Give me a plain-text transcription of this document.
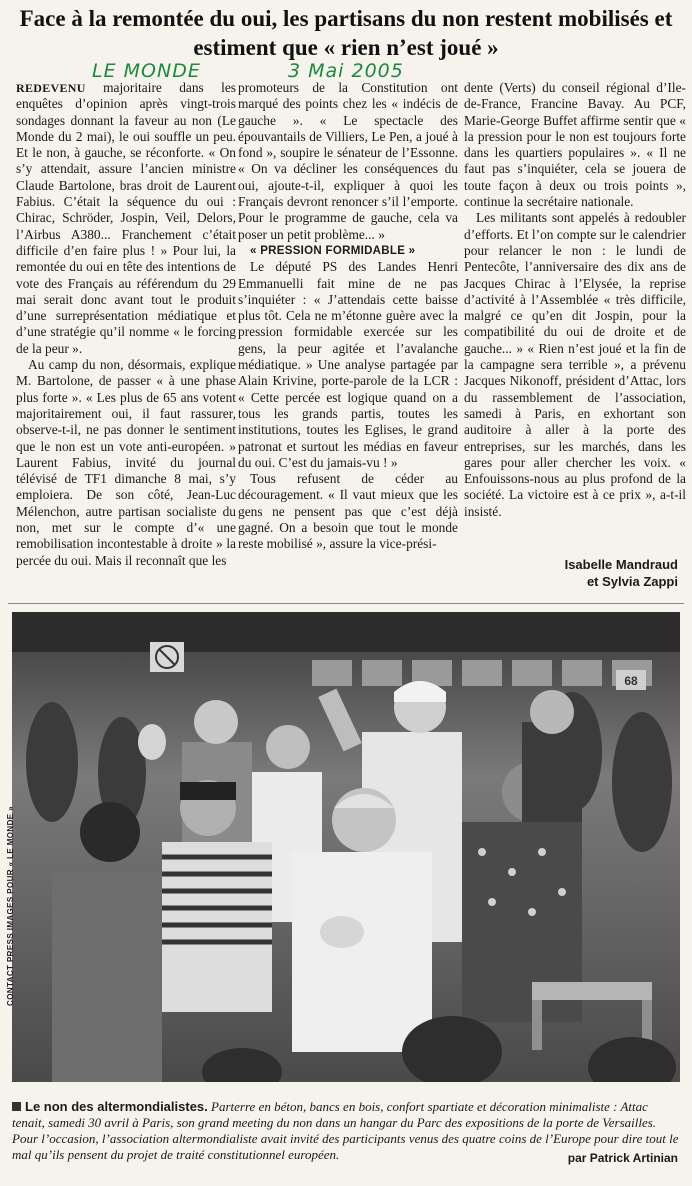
Face à la remontée du oui, les partisans du non restent mobilisés et estiment que « rien n’est joué »
LE MONDE	3 Mai 2005

REDEVENU majoritaire dans les enquêtes d’opinion après vingt-trois sondages donnant la faveur au non (Le Monde du 2 mai), le oui souffle un peu. Et le non, à gauche, se réconforte. « On s’y attendait, assure l’ancien ministre Claude Bartolone, bras droit de Laurent Fabius. C’était la séquence du oui : Chirac, Schröder, Jospin, Veil, Delors, l’Airbus A380... Franchement c’était difficile d’en faire plus ! » Pour lui, la remontée du oui en tête des intentions de vote des Français au référendum du 29 mai serait donc avant tout le produit d’une surreprésentation médiatique et d’une stratégie qu’il nomme « le forcing de la peur ».

Au camp du non, désormais, explique M. Bartolone, de passer « à une phase plus forte ». « Les plus de 65 ans votent majoritairement oui, il faut rassurer, observe-t-il, ne pas donner le sentiment que le non est un vote anti-européen. » Laurent Fabius, invité du journal télévisé de TF1 dimanche 8 mai, s’y emploiera. De son côté, Jean-Luc Mélenchon, autre partisan socialiste du non, met sur le compte d’« une remobilisation incontestable à droite » la percée du oui. Mais il reconnaît que les

promoteurs de la Constitution ont marqué des points chez les « indécis de gauche ». « Le spectacle des épouvantails de Villiers, Le Pen, a joué à fond », soupire le sénateur de l’Essonne. « On va décliner les conséquences du oui, ajoute-t-il, expliquer à quoi les Français devront renoncer s’il l’emporte. Pour le programme de gauche, cela va poser un petit problème... »

« PRESSION FORMIDABLE »

Le député PS des Landes Henri Emmanuelli fait mine de ne pas s’inquiéter : « J’attendais cette baisse plus tôt. Cela ne m’étonne guère avec la pression formidable exercée sur les gens, la peur agitée et l’avalanche médiatique. » Une analyse partagée par Alain Krivine, porte-parole de la LCR : « Cette percée est logique quand on a tous les grands partis, toutes les institutions, toutes les Eglises, le grand patronat et surtout les médias en faveur du oui. C’est du jamais-vu ! »

Tous refusent de céder au découragement. « Il vaut mieux que les gens ne pensent pas que c’est déjà gagné. On a besoin que tout le monde reste mobilisé », assure la vice-prési-

dente (Verts) du conseil régional d’Ile-de-France, Francine Bavay. Au PCF, Marie-George Buffet affirme sentir que « la pression pour le non est toujours forte dans les quartiers populaires ». « Il ne faut pas s’inquiéter, cela se jouera de toute façon à deux ou trois points », continue la secrétaire nationale.

Les militants sont appelés à redoubler d’efforts. Et l’on compte sur le calendrier pour relancer le non : le lundi de Pentecôte, l’anniversaire des dix ans de Jacques Chirac à l’Elysée, la reprise d’activité à l’Assemblée « très difficile, malgré ce qu’en dit Jospin, pour la compatibilité du oui de droite et de gauche... » « Rien n’est joué et la fin de la campagne sera terrible », a prévenu Jacques Nikonoff, président d’Attac, lors du rassemblement de l’association, samedi à Paris, en exhortant son auditoire à aller à la porte des entreprises, sur les marchés, dans les gares pour aller chercher les voix. « Enfouissons-nous au plus profond de la société. La victoire est à ce prix », a-t-il insisté.

Isabelle Mandraud
et Sylvia Zappi
68
CONTACT PRESS IMAGES POUR « LE MONDE »

Le non des altermondialistes. Parterre en béton, bancs en bois, confort spartiate et décoration minimaliste : Attac tenait, samedi 30 avril à Paris, son grand meeting du non dans un hangar du Parc des expositions de la porte de Versailles. Pour l’occasion, l’association altermondialiste avait invité des participants venus des quatre coins de l’Europe pour dire tout le mal qu’ils pensent du projet de traité constitutionnel européen.	par Patrick Artinian
